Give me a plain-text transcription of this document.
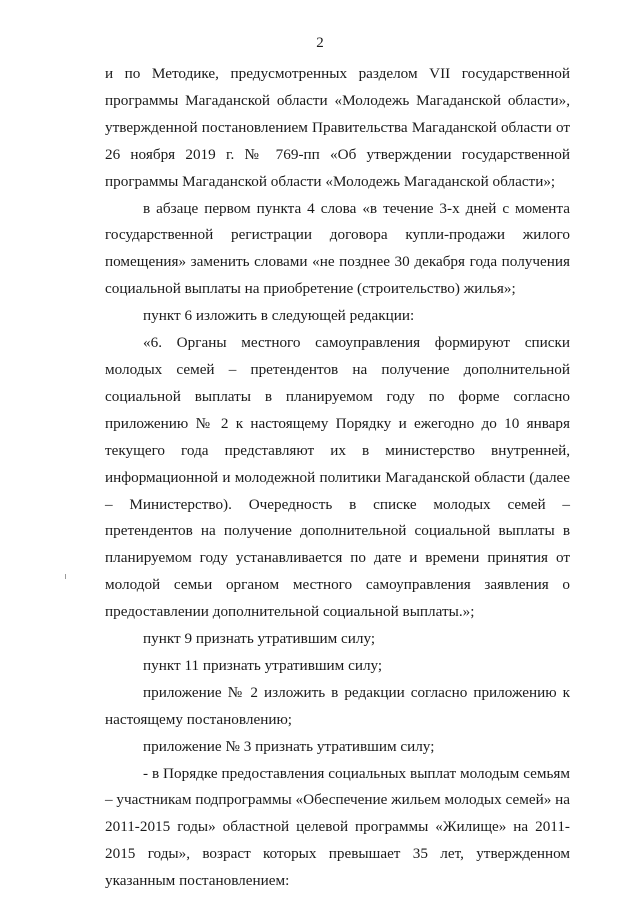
2

и по Методике, предусмотренных разделом VII государственной программы Магаданской области «Молодежь Магаданской области», утвержденной постановлением Правительства Магаданской области от 26 ноября 2019 г. № 769-пп «Об утверждении государственной программы Магаданской области «Молодежь Магаданской области»;

в абзаце первом пункта 4 слова «в течение 3-х дней с момента государственной регистрации договора купли-продажи жилого помещения» заменить словами «не позднее 30 декабря года получения социальной выплаты на приобретение (строительство) жилья»;

пункт 6 изложить в следующей редакции:

«6. Органы местного самоуправления формируют списки молодых семей – претендентов на получение дополнительной социальной выплаты в планируемом году по форме согласно приложению № 2 к настоящему Порядку и ежегодно до 10 января текущего года представляют их в министерство внутренней, информационной и молодежной политики Магаданской области (далее – Министерство). Очередность в списке молодых семей – претендентов на получение дополнительной социальной выплаты в планируемом году устанавливается по дате и времени принятия от молодой семьи органом местного самоуправления заявления о предоставлении дополнительной социальной выплаты.»;

пункт 9 признать утратившим силу;

пункт 11 признать утратившим силу;

приложение № 2 изложить в редакции согласно приложению к настоящему постановлению;

приложение № 3 признать утратившим силу;

- в Порядке предоставления социальных выплат молодым семьям – участникам подпрограммы «Обеспечение жильем молодых семей» на 2011-2015 годы» областной целевой программы «Жилище» на 2011-2015 годы», возраст которых превышает 35 лет, утвержденном указанным постановлением:
